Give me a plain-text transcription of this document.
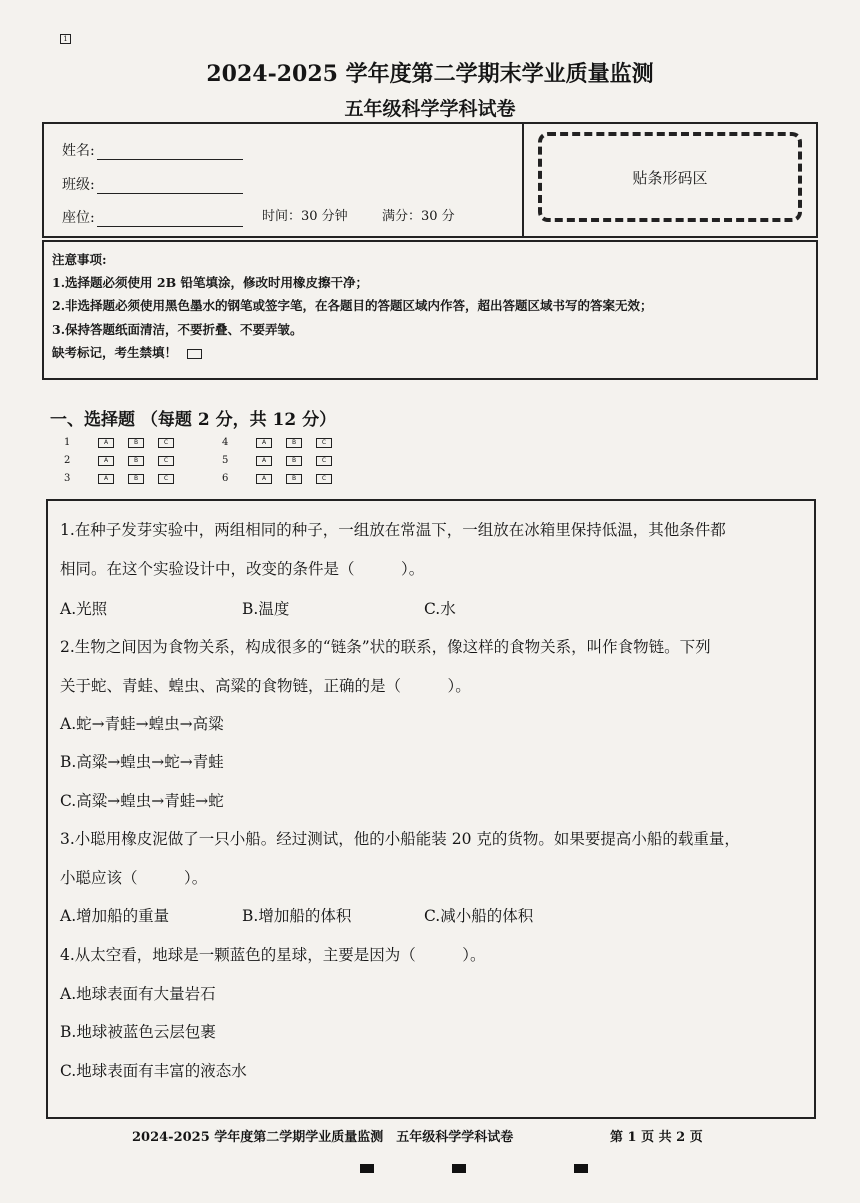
1
2024-2025 学年度第二学期末学业质量监测
五年级科学学科试卷
姓名:
班级:
座位:	时间：30 分钟	满分：30 分
贴条形码区
注意事项:
1.选择题必须使用 2B 铅笔填涂，修改时用橡皮擦干净；
2.非选择题必须使用黑色墨水的钢笔或签字笔，在各题目的答题区域内作答，超出答题区域书写的答案无效；
3.保持答题纸面清洁，不要折叠、不要弄皱。
缺考标记，考生禁填！
一、选择题 （每题 2 分，共 12 分）
1	A	B	C
2	A	B	C
3	A	B	C
4	A	B	C
5	A	B	C
6	A	B	C
1.在种子发芽实验中，两组相同的种子，一组放在常温下，一组放在冰箱里保持低温，其他条件都
相同。在这个实验设计中，改变的条件是（　　　）。
A.光照	B.温度	C.水
2.生物之间因为食物关系，构成很多的“链条”状的联系，像这样的食物关系，叫作食物链。下列
关于蛇、青蛙、蝗虫、高粱的食物链，正确的是（　　　）。
A.蛇→青蛙→蝗虫→高粱
B.高粱→蝗虫→蛇→青蛙
C.高粱→蝗虫→青蛙→蛇
3.小聪用橡皮泥做了一只小船。经过测试，他的小船能装 20 克的货物。如果要提高小船的载重量，
小聪应该（　　　）。
A.增加船的重量	B.增加船的体积	C.减小船的体积
4.从太空看，地球是一颗蓝色的星球，主要是因为（　　　）。
A.地球表面有大量岩石
B.地球被蓝色云层包裹
C.地球表面有丰富的液态水
2024-2025 学年度第二学期学业质量监测　五年级科学学科试卷	第 1 页 共 2 页
